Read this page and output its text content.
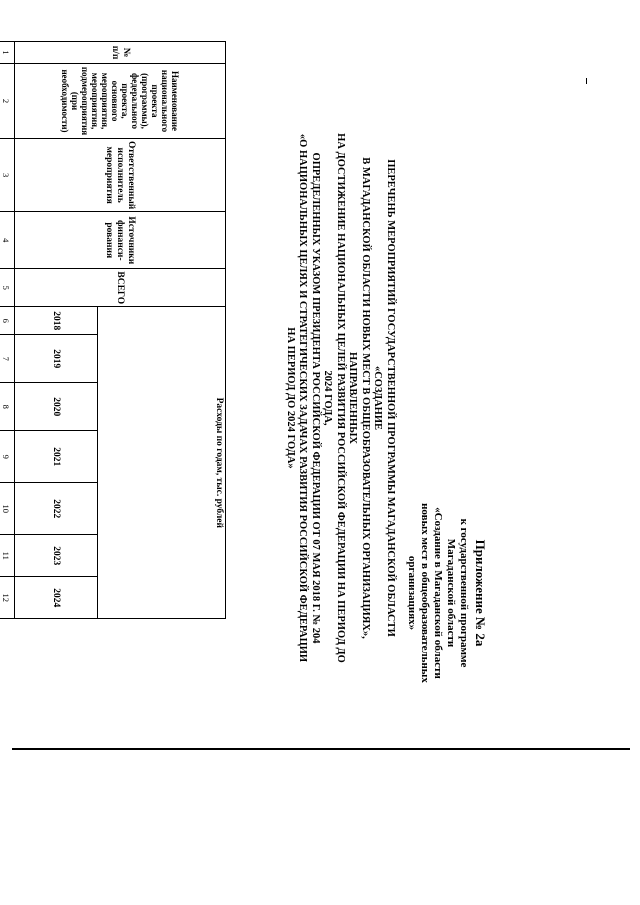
Приложение № 2а
к государственной программе
Магаданской области
«Создание в Магаданской области
новых мест в общеобразовательных
организациях»
ПЕРЕЧЕНЬ МЕРОПРИЯТИЙ ГОСУДАРСТВЕННОЙ ПРОГРАММЫ МАГАДАНСКОЙ ОБЛАСТИ «СОЗДАНИЕ
В МАГАДАНСКОЙ ОБЛАСТИ НОВЫХ МЕСТ В ОБЩЕОБРАЗОВАТЕЛЬНЫХ ОРГАНИЗАЦИЯХ», НАПРАВЛЕННЫХ
НА ДОСТИЖЕНИЕ НАЦИОНАЛЬНЫХ ЦЕЛЕЙ РАЗВИТИЯ РОССИЙСКОЙ ФЕДЕРАЦИИ НА ПЕРИОД ДО 2024 ГОДА,
ОПРЕДЕЛЕННЫХ УКАЗОМ ПРЕЗИДЕНТА РОССИЙСКОЙ ФЕДЕРАЦИИ ОТ 07 МАЯ 2018 Г. № 204
«О НАЦИОНАЛЬНЫХ ЦЕЛЯХ И СТРАТЕГИЧЕСКИХ ЗАДАЧАХ РАЗВИТИЯ РОССИЙСКОЙ ФЕДЕРАЦИИ
НА ПЕРИОД ДО 2024 ГОДА»
№ п/п	Наименование национального проекта (программы), федерального проекта, основного мероприятия, мероприятия, подмероприятия (при необходимости)	Ответственный исполнитель мероприятия	Источники финанси-рования	ВСЕГО	Расходы по годам, тыс. рублей						
					2018	2019	2020	2021	2022	2023	2024
1	2	3	4	5	6	7	8	9	10	11	12
